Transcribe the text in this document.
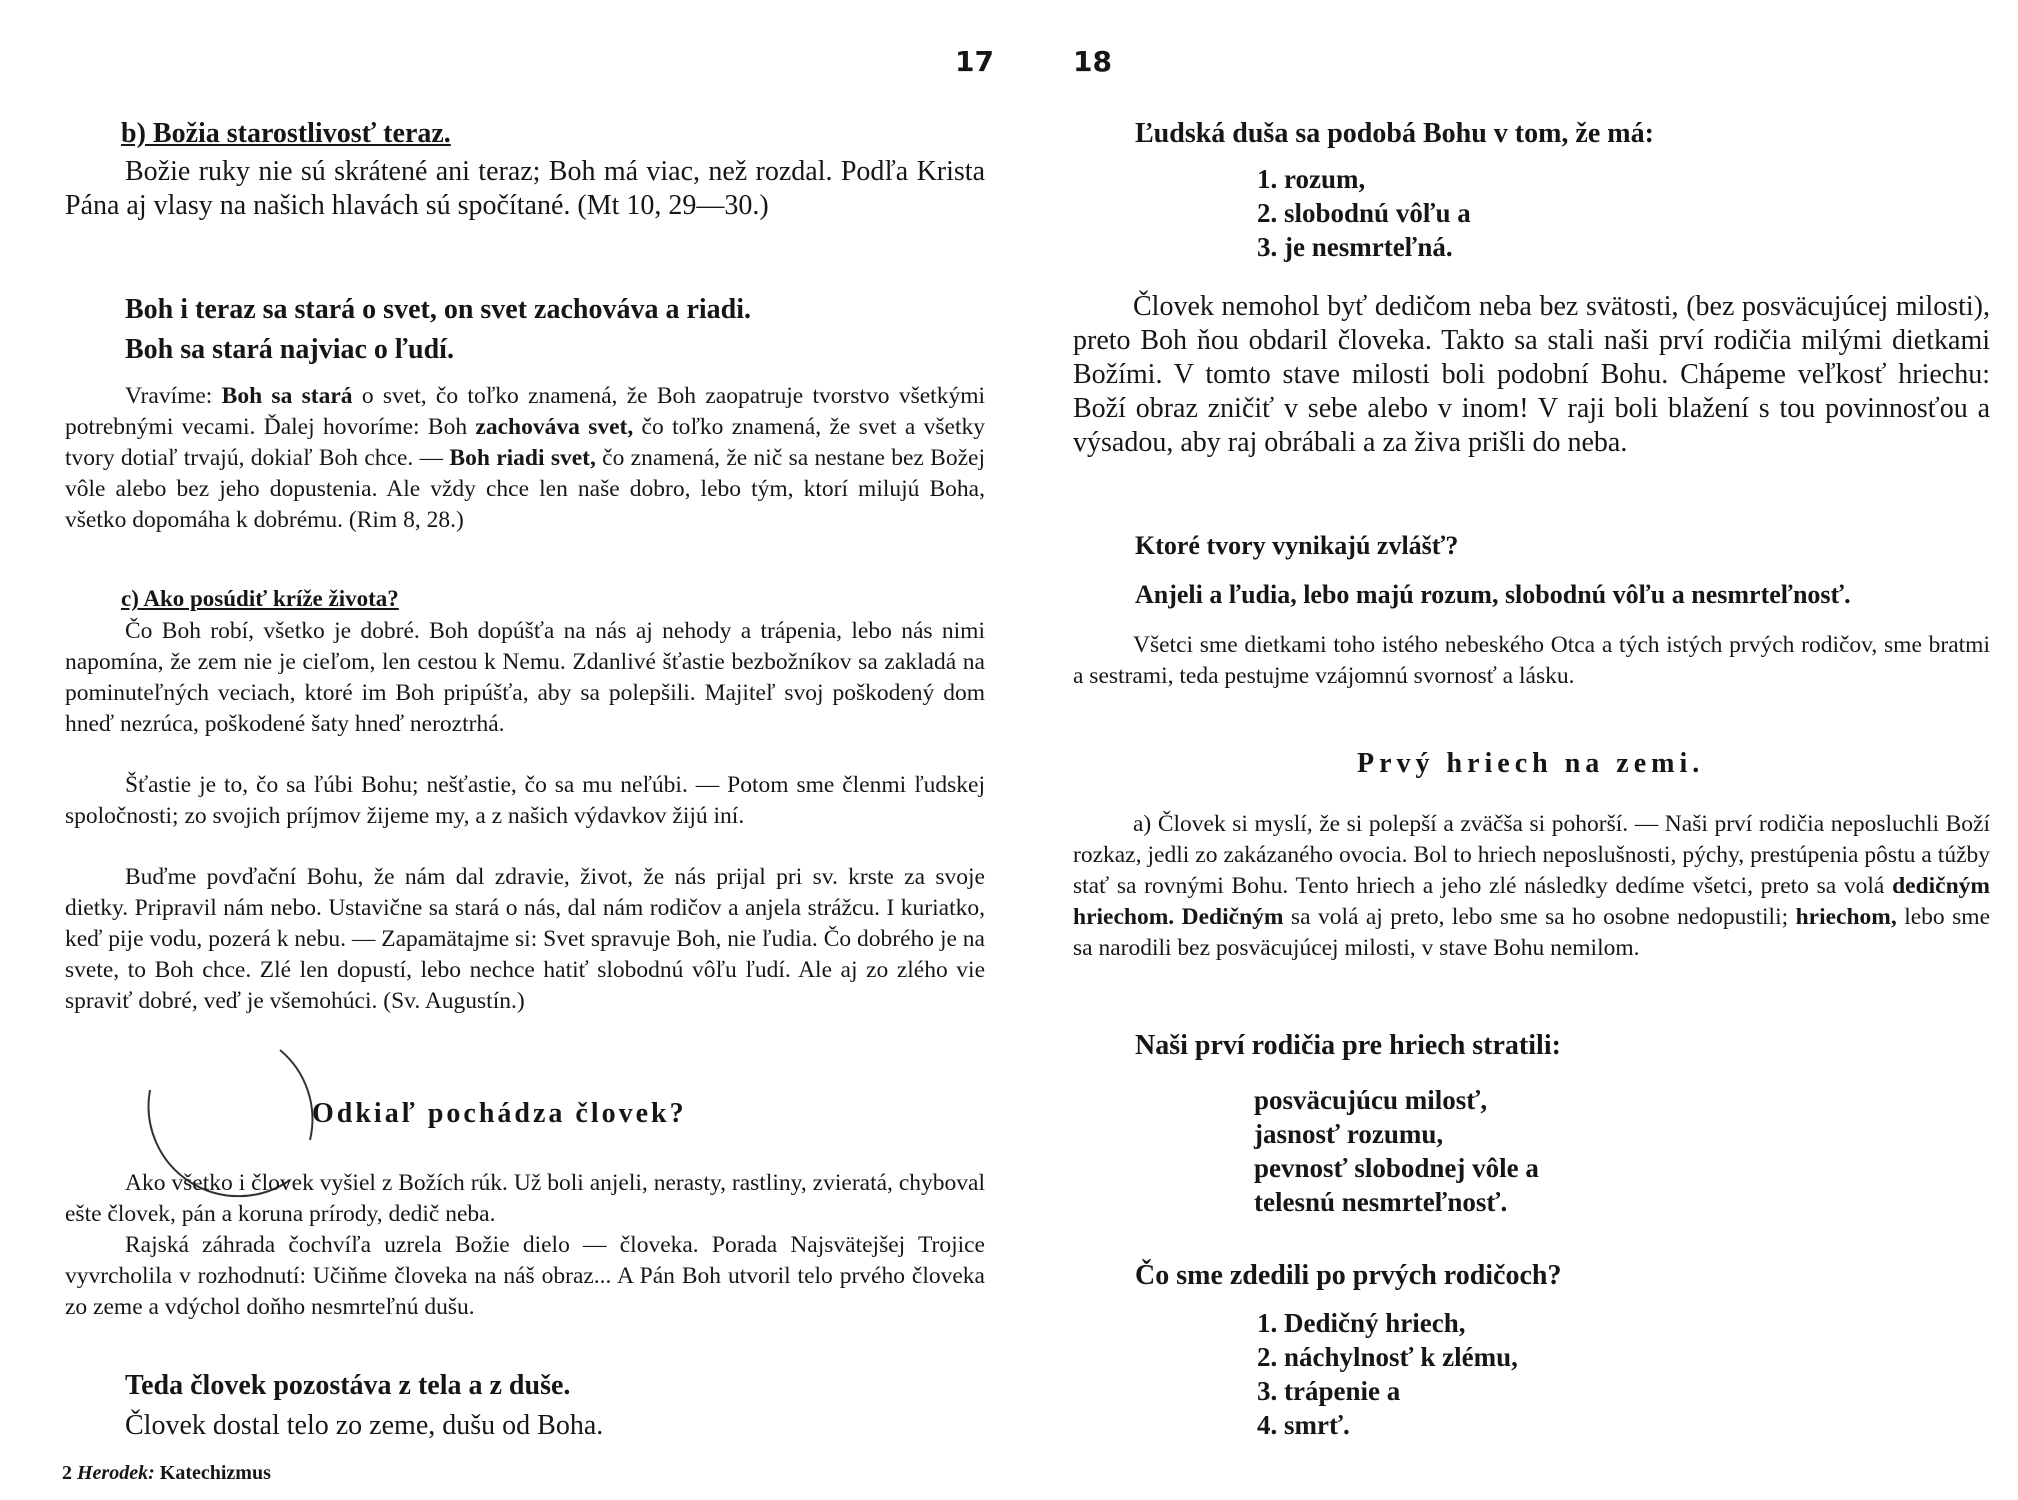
17
b) Božia starostlivosť teraz.
Božie ruky nie sú skrátené ani teraz; Boh má viac, než rozdal. Podľa Krista Pána aj vlasy na našich hlavách sú spočítané. (Mt 10, 29—30.)
Boh i teraz sa stará o svet, on svet zachováva a riadi.
Boh sa stará najviac o ľudí.
Vravíme: Boh sa stará o svet, čo toľko znamená, že Boh zaopatruje tvorstvo všetkými potrebnými vecami. Ďalej hovoríme: Boh zachováva svet, čo toľko znamená, že svet a všetky tvory dotiaľ trvajú, dokiaľ Boh chce. — Boh riadi svet, čo znamená, že nič sa nestane bez Božej vôle alebo bez jeho dopustenia. Ale vždy chce len naše dobro, lebo tým, ktorí milujú Boha, všetko dopomáha k dobrému. (Rim 8, 28.)
c) Ako posúdiť kríže života?
Čo Boh robí, všetko je dobré. Boh dopúšťa na nás aj nehody a trápenia, lebo nás nimi napomína, že zem nie je cieľom, len cestou k Nemu. Zdanlivé šťastie bezbožníkov sa zakladá na pominuteľných veciach, ktoré im Boh pripúšťa, aby sa polepšili. Majiteľ svoj poškodený dom hneď nezrúca, poškodené šaty hneď neroztrhá.
Šťastie je to, čo sa ľúbi Bohu; nešťastie, čo sa mu neľúbi. — Potom sme členmi ľudskej spoločnosti; zo svojich príjmov žijeme my, a z našich výdavkov žijú iní.
Buďme povďační Bohu, že nám dal zdravie, život, že nás prijal pri sv. krste za svoje dietky. Pripravil nám nebo. Ustavične sa stará o nás, dal nám rodičov a anjela strážcu. I kuriatko, keď pije vodu, pozerá k nebu. — Zapamätajme si: Svet spravuje Boh, nie ľudia. Čo dobrého je na svete, to Boh chce. Zlé len dopustí, lebo nechce hatiť slobodnú vôľu ľudí. Ale aj zo zlého vie spraviť dobré, veď je všemohúci. (Sv. Augustín.)
Odkiaľ pochádza človek?
Ako všetko i človek vyšiel z Božích rúk. Už boli anjeli, nerasty, rastliny, zvieratá, chyboval ešte človek, pán a koruna prírody, dedič neba.
Rajská záhrada čochvíľa uzrela Božie dielo — človeka. Porada Najsvätejšej Trojice vyvrcholila v rozhodnutí: Učiňme človeka na náš obraz... A Pán Boh utvoril telo prvého človeka zo zeme a vdýchol doňho nesmrteľnú dušu.
Teda človek pozostáva z tela a z duše.
Človek dostal telo zo zeme, dušu od Boha.
2 Herodek: Katechizmus
18
Ľudská duša sa podobá Bohu v tom, že má:
1. rozum,
2. slobodnú vôľu a
3. je nesmrteľná.
Človek nemohol byť dedičom neba bez svätosti, (bez posväcujúcej milosti), preto Boh ňou obdaril človeka. Takto sa stali naši prví rodičia milými dietkami Božími. V tomto stave milosti boli podobní Bohu. Chápeme veľkosť hriechu: Boží obraz zničiť v sebe alebo v inom! V raji boli blažení s tou povinnosťou a výsadou, aby raj obrábali a za živa prišli do neba.
Ktoré tvory vynikajú zvlášť?
Anjeli a ľudia, lebo majú rozum, slobodnú vôľu a nesmrteľnosť.
Všetci sme dietkami toho istého nebeského Otca a tých istých prvých rodičov, sme bratmi a sestrami, teda pestujme vzájomnú svornosť a lásku.
Prvý hriech na zemi.
a) Človek si myslí, že si polepší a zväčša si pohorší. — Naši prví rodičia neposluchli Boží rozkaz, jedli zo zakázaného ovocia. Bol to hriech neposlušnosti, pýchy, prestúpenia pôstu a túžby stať sa rovnými Bohu. Tento hriech a jeho zlé následky dedíme všetci, preto sa volá dedičným hriechom. Dedičným sa volá aj preto, lebo sme sa ho osobne nedopustili; hriechom, lebo sme sa narodili bez posväcujúcej milosti, v stave Bohu nemilom.
Naši prví rodičia pre hriech stratili:
posväcujúcu milosť,
jasnosť rozumu,
pevnosť slobodnej vôle a
telesnú nesmrteľnosť.
Čo sme zdedili po prvých rodičoch?
1. Dedičný hriech,
2. náchylnosť k zlému,
3. trápenie a
4. smrť.
